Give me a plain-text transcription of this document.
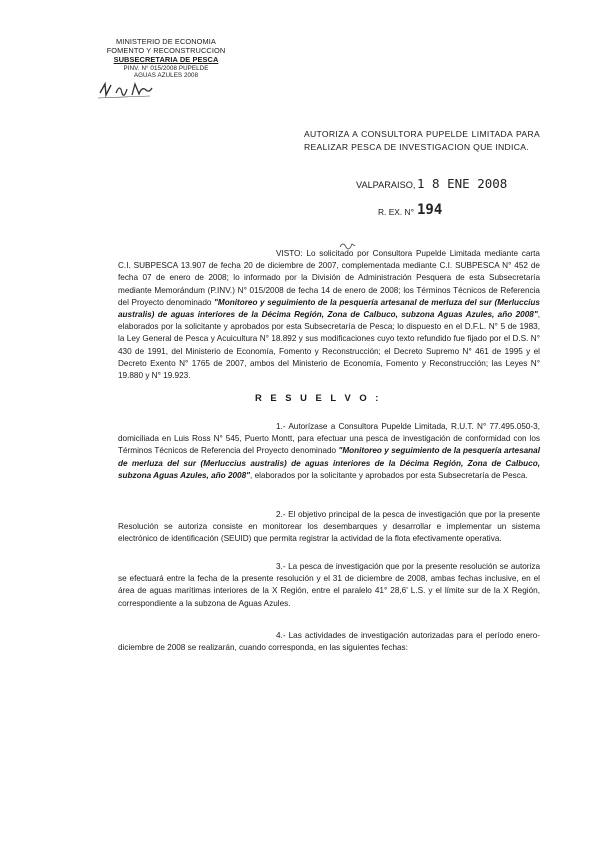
MINISTERIO DE ECONOMIA
FOMENTO Y RECONSTRUCCION
SUBSECRETARIA DE PESCA
PINV. N° 015/2008 PUPELDE
AGUAS AZULES 2008
AUTORIZA A CONSULTORA PUPELDE LIMITADA PARA REALIZAR PESCA DE INVESTIGACION QUE INDICA.
VALPARAISO, 1 8 ENE 2008
R. EX. N° 194
VISTO: Lo solicitado por Consultora Pupelde Limitada mediante carta C.I. SUBPESCA 13.907 de fecha 20 de diciembre de 2007, complementada mediante C.I. SUBPESCA N° 452 de fecha 07 de enero de 2008; lo informado por la División de Administración Pesquera de esta Subsecretaría mediante Memorándum (P.INV.) N° 015/2008 de fecha 14 de enero de 2008; los Términos Técnicos de Referencia del Proyecto denominado "Monitoreo y seguimiento de la pesquería artesanal de merluza del sur (Merluccius australis) de aguas interiores de la Décima Región, Zona de Calbuco, subzona Aguas Azules, año 2008", elaborados por la solicitante y aprobados por esta Subsecretaría de Pesca; lo dispuesto en el D.F.L. N° 5 de 1983, la Ley General de Pesca y Acuicultura N° 18.892 y sus modificaciones cuyo texto refundido fue fijado por el D.S. N° 430 de 1991, del Ministerio de Economía, Fomento y Reconstrucción; el Decreto Supremo N° 461 de 1995 y el Decreto Exento N° 1765 de 2007, ambos del Ministerio de Economía, Fomento y Reconstrucción; las Leyes N° 19.880 y N° 19.923.
R E S U E L V O :
1.- Autorízase a Consultora Pupelde Limitada, R.U.T. N° 77.495.050-3, domiciliada en Luis Ross N° 545, Puerto Montt, para efectuar una pesca de investigación de conformidad con los Términos Técnicos de Referencia del Proyecto denominado "Monitoreo y seguimiento de la pesquería artesanal de merluza del sur (Merluccius australis) de aguas interiores de la Décima Región, Zona de Calbuco, subzona Aguas Azules, año 2008", elaborados por la solicitante y aprobados por esta Subsecretaría de Pesca.
2.- El objetivo principal de la pesca de investigación que por la presente Resolución se autoriza consiste en monitorear los desembarques y desarrollar e implementar un sistema electrónico de identificación (SEUID) que permita registrar la actividad de la flota efectivamente operativa.
3.- La pesca de investigación que por la presente resolución se autoriza se efectuará entre la fecha de la presente resolución y el 31 de diciembre de 2008, ambas fechas inclusive, en el área de aguas marítimas interiores de la X Región, entre el paralelo 41° 28,6' L.S. y el límite sur de la X Región, correspondiente a la subzona de Aguas Azules.
4.- Las actividades de investigación autorizadas para el período enero-diciembre de 2008 se realizarán, cuando corresponda, en las siguientes fechas:
